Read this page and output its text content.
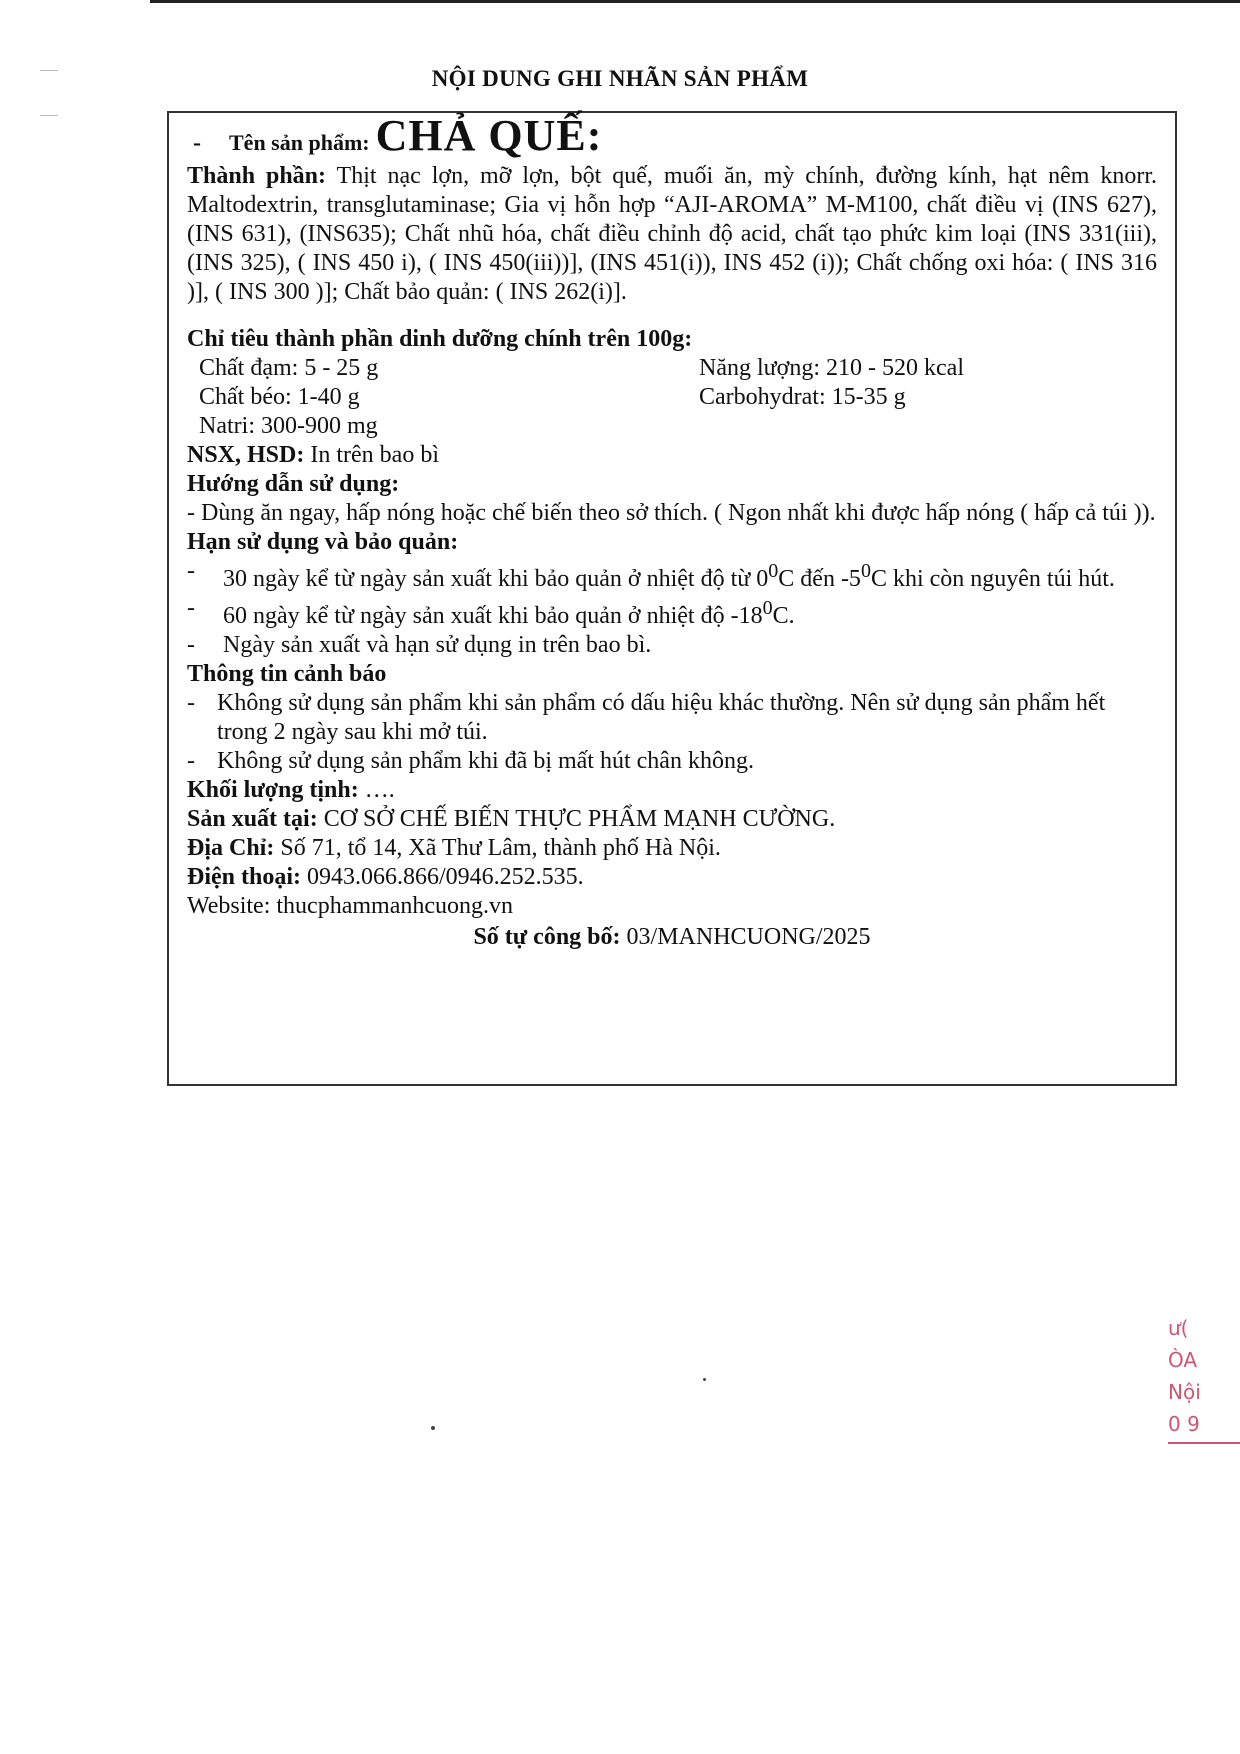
NỘI DUNG GHI NHÃN SẢN PHẨM

- Tên sản phẩm: CHẢ QUẾ:

Thành phần: Thịt nạc lợn, mỡ lợn, bột quế, muối ăn, mỳ chính, đường kính, hạt nêm knorr. Maltodextrin, transglutaminase; Gia vị hỗn hợp “AJI-AROMA” M-M100, chất điều vị (INS 627), (INS 631), (INS635); Chất nhũ hóa, chất điều chỉnh độ acid, chất tạo phức kim loại (INS 331(iii), (INS 325), ( INS 450 i), ( INS 450(iii))], (INS 451(i)), INS 452 (i)); Chất chống oxi hóa: ( INS 316 )], ( INS 300 )]; Chất bảo quản: ( INS 262(i)].

Chỉ tiêu thành phần dinh dưỡng chính trên 100g:
Chất đạm: 5 - 25 g	Năng lượng: 210 - 520 kcal
Chất béo: 1-40 g	Carbohydrat: 15-35 g
Natri: 300-900 mg

NSX, HSD: In trên bao bì

Hướng dẫn sử dụng:

- Dùng ăn ngay, hấp nóng hoặc chế biến theo sở thích. ( Ngon nhất khi được hấp nóng ( hấp cả túi )).

Hạn sử dụng và bảo quản:
-	30 ngày kể từ ngày sản xuất khi bảo quản ở nhiệt độ từ $0^0C$ đến $-5^0C$ khi còn nguyên túi hút.
-	60 ngày kể từ ngày sản xuất khi bảo quản ở nhiệt độ $-18^0C$.
-	Ngày sản xuất và hạn sử dụng in trên bao bì.
Thông tin cảnh báo
- Không sử dụng sản phẩm khi sản phẩm có dấu hiệu khác thường. Nên sử dụng sản phẩm hết trong 2 ngày sau khi mở túi.
- Không sử dụng sản phẩm khi đã bị mất hút chân không.

Khối lượng tịnh: ….

Sản xuất tại: CƠ SỞ CHẾ BIẾN THỰC PHẨM MẠNH CƯỜNG.

Địa Chỉ: Số 71, tổ 14, Xã Thư Lâm, thành phố Hà Nội.

Điện thoại: 0943.066.866/0946.252.535.

Website: thucphammanhcuong.vn

Số tự công bố: 03/MANHCUONG/2025

ư(
ÒA
Nội
0 9
